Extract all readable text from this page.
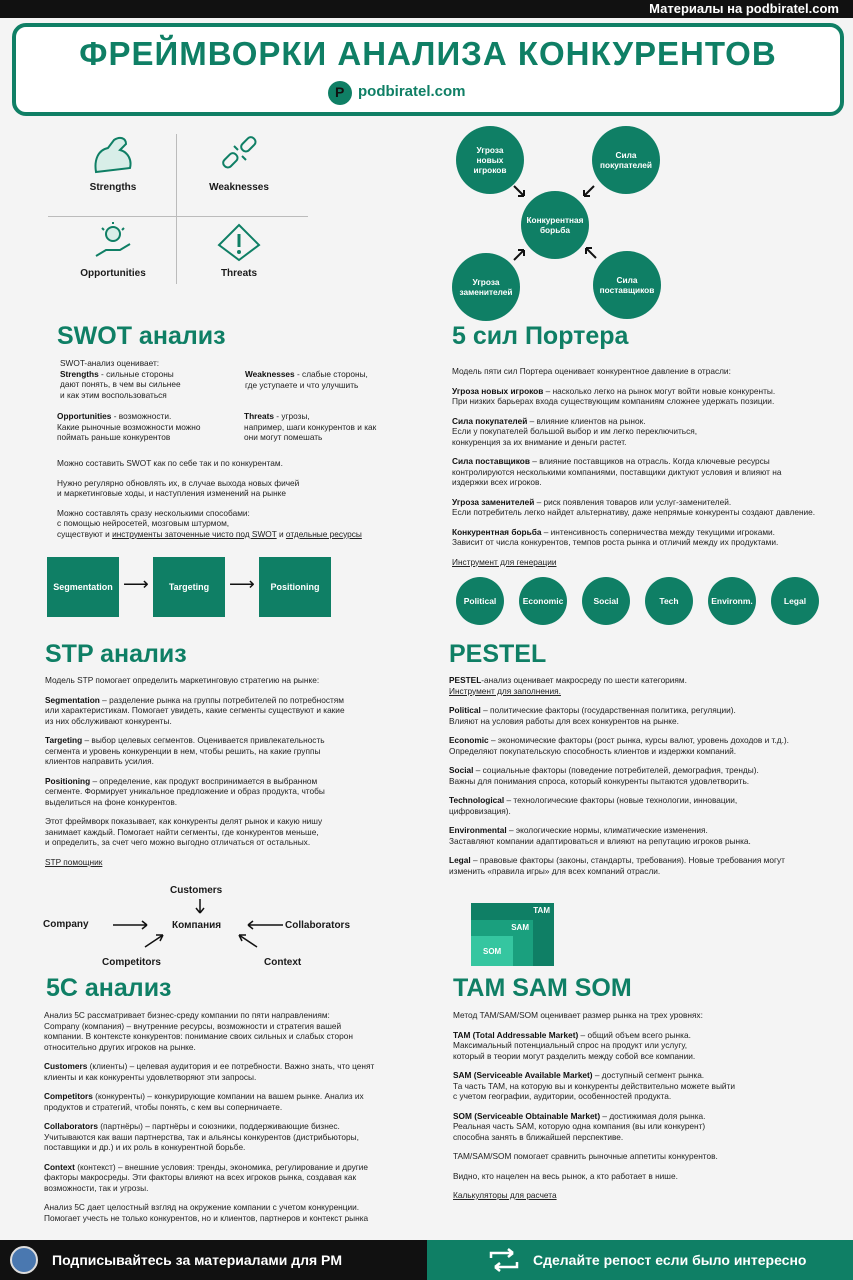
Материалы на podbiratel.com
ФРЕЙМВОРКИ АНАЛИЗА КОНКУРЕНТОВ
P
podbiratel.com
Strengths	Weaknesses
Opportunities	Threats
Угроза
новых
игроков
Сила
покупателей
Конкурентная
борьба
Угроза
заменителей
Сила
поставщиков
SWOT анализ
SWOT-анализ оценивает:
Strengths - сильные стороны
дают понять, в чем вы сильнее
и как этим воспользоваться
Weaknesses - слабые стороны,
где уступаете и что улучшить
Opportunities - возможности.
Какие рыночные возможности можно
поймать раньше конкурентов
Threats - угрозы,
например, шаги конкурентов и как
они могут помешать

Можно составить SWOT как по себе так и по конкурентам.

Нужно регулярно обновлять их, в случае выхода новых фичей
и маркетинговые ходы, и наступления изменений на рынке

Можно составлять сразу несколькими способами:
с помощью нейросетей, мозговым штурмом,
существуют и инструменты заточенные чисто под SWOT и отдельные ресурсы

5 сил Портера

Модель пяти сил Портера оценивает конкурентное давление в отрасли:

Угроза новых игроков – насколько легко на рынок могут войти новые конкуренты.
При низких барьерах входа существующим компаниям сложнее удержать позиции.

Сила покупателей – влияние клиентов на рынок.
Если у покупателей большой выбор и им легко переключиться,
конкуренция за их внимание и деньги растет.

Сила поставщиков – влияние поставщиков на отрасль. Когда ключевые ресурсы
контролируются несколькими компаниями, поставщики диктуют условия и влияют на
издержки всех игроков.

Угроза заменителей – риск появления товаров или услуг-заменителей.
Если потребитель легко найдет альтернативу, даже непрямые конкуренты создают давление.

Конкурентная борьба – интенсивность соперничества между текущими игроками.
Зависит от числа конкурентов, темпов роста рынка и отличий между их продуктами.

Инструмент для генерации

Segmentation ⟶	Targeting	⟶	Positioning
Political	Economic	Social	Tech	Environm.	Legal
STP анализ

Модель STP помогает определить маркетинговую стратегию на рынке:

Segmentation – разделение рынка на группы потребителей по потребностям
или характеристикам. Помогает увидеть, какие сегменты существуют и какие
из них обслуживают конкуренты.

Targeting – выбор целевых сегментов. Оценивается привлекательность
сегмента и уровень конкуренции в нем, чтобы решить, на какие группы
клиентов направить усилия.

Positioning – определение, как продукт воспринимается в выбранном
сегменте. Формирует уникальное предложение и образ продукта, чтобы
выделиться на фоне конкурентов.

Этот фреймворк показывает, как конкуренты делят рынок и какую нишу
занимает каждый. Помогает найти сегменты, где конкурентов меньше,
и определить, за счет чего можно выгодно отличаться от остальных.

STP помощник

PESTEL

PESTEL-анализ оценивает макросреду по шести категориям.
Инструмент для заполнения.

Political – политические факторы (государственная политика, регуляции).
Влияют на условия работы для всех конкурентов на рынке.

Economic – экономические факторы (рост рынка, курсы валют, уровень доходов и т.д.).
Определяют покупательскую способность клиентов и издержки компаний.

Social – социальные факторы (поведение потребителей, демография, тренды).
Важны для понимания спроса, который конкуренты пытаются удовлетворить.

Technological – технологические факторы (новые технологии, инновации,
цифровизация).

Environmental – экологические нормы, климатические изменения.
Заставляют компании адаптироваться и влияют на репутацию игроков рынка.

Legal – правовые факторы (законы, стандарты, требования). Новые требования могут
изменить «правила игры» для всех компаний отрасли.

Customers
Company	Компания	Collaborators
Competitors	Context
TAM
SAM
SOM
5С анализ

Анализ 5С рассматривает бизнес-среду компании по пяти направлениям:
Company (компания) – внутренние ресурсы, возможности и стратегия вашей
компании. В контексте конкурентов: понимание своих сильных и слабых сторон
относительно других игроков на рынке.

Customers (клиенты) – целевая аудитория и ее потребности. Важно знать, что ценят
клиенты и как конкуренты удовлетворяют эти запросы.

Competitors (конкуренты) – конкурирующие компании на вашем рынке. Анализ их
продуктов и стратегий, чтобы понять, с кем вы соперничаете.

Collaborators (партнёры) – партнёры и союзники, поддерживающие бизнес.
Учитываются как ваши партнерства, так и альянсы конкурентов (дистрибьюторы,
поставщики и др.) и их роль в конкурентной борьбе.

Context (контекст) – внешние условия: тренды, экономика, регулирование и другие
факторы макросреды. Эти факторы влияют на всех игроков рынка, создавая как
возможности, так и угрозы.

Анализ 5С дает целостный взгляд на окружение компании с учетом конкуренции.
Помогает учесть не только конкурентов, но и клиентов, партнеров и контекст рынка

TAM SAM SOM

Метод TAM/SAM/SOM оценивает размер рынка на трех уровнях:

TAM (Total Addressable Market) – общий объем всего рынка.
Максимальный потенциальный спрос на продукт или услугу,
который в теории могут разделить между собой все компании.

SAM (Serviceable Available Market) – доступный сегмент рынка.
Та часть TAM, на которую вы и конкуренты действительно можете выйти
с учетом географии, аудитории, особенностей продукта.

SOM (Serviceable Obtainable Market) – достижимая доля рынка.
Реальная часть SAM, которую одна компания (вы или конкурент)
способна занять в ближайшей перспективе.

TAM/SAM/SOM помогает сравнить рыночные аппетиты конкурентов.

Видно, кто нацелен на весь рынок, а кто работает в нише.

Калькуляторы для расчета

Подписывайтесь за материалами для PM	Сделайте репост если было интересно
